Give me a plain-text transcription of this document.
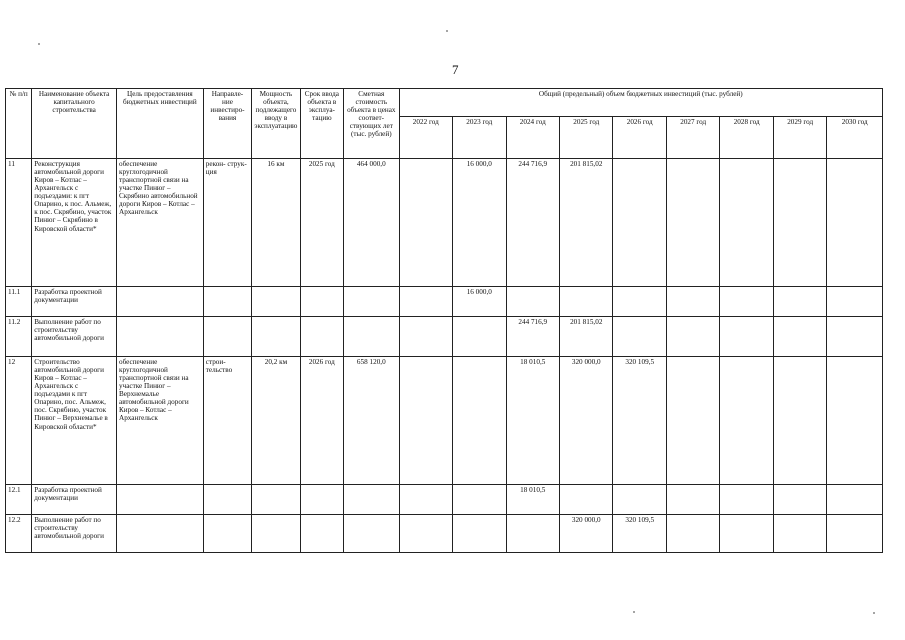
7
№ п/п	Наименование объекта капитального строительства	Цель предоставления бюджетных инвестиций	Направле- ние инвестиро- вания	Мощность объекта, подлежащего вводу в эксплуатацию	Срок ввода объекта в эксплуа- тацию	Сметная стоимость объекта в ценах соответ- ствующих лет (тыс. рублей)	Общий (предельный) объем бюджетных инвестиций (тыс. рублей)								
							2022 год	2023 год	2024 год	2025 год	2026 год	2027 год	2028 год	2029 год	2030 год
11	Реконструкция автомобильной дороги Киров – Котлас – Архангельск с подъездами: к пгт Опарино, к пос. Альмеж, к пос. Скрябино, участок Пинюг – Скрябино в Кировской области*	обеспечение круглогодичной транспортной связи на участке Пинюг – Скрябино автомобильной дороги Киров – Котлас – Архангельск	рекон- струк- ция	16 км	2025 год	464 000,0		16 000,0	244 716,9	201 815,02					
11.1	Разработка проектной документации							16 000,0							
11.2	Выполнение работ по строительству автомобильной дороги								244 716,9	201 815,02					
12	Строительство автомобильной дороги Киров – Котлас – Архангельск с подъездами к пгт Опарино, пос. Альмеж, пос. Скрябино, участок Пинюг – Верхнемалье в Кировской области*	обеспечение круглогодичной транспортной связи на участке Пинюг – Верхнемалье автомобильной дороги Киров – Котлас – Архангельск	строи- тельство	20,2 км	2026 год	658 120,0			18 010,5	320 000,0	320 109,5				
12.1	Разработка проектной документации								18 010,5						
12.2	Выполнение работ по строительству автомобильной дороги									320 000,0	320 109,5				
